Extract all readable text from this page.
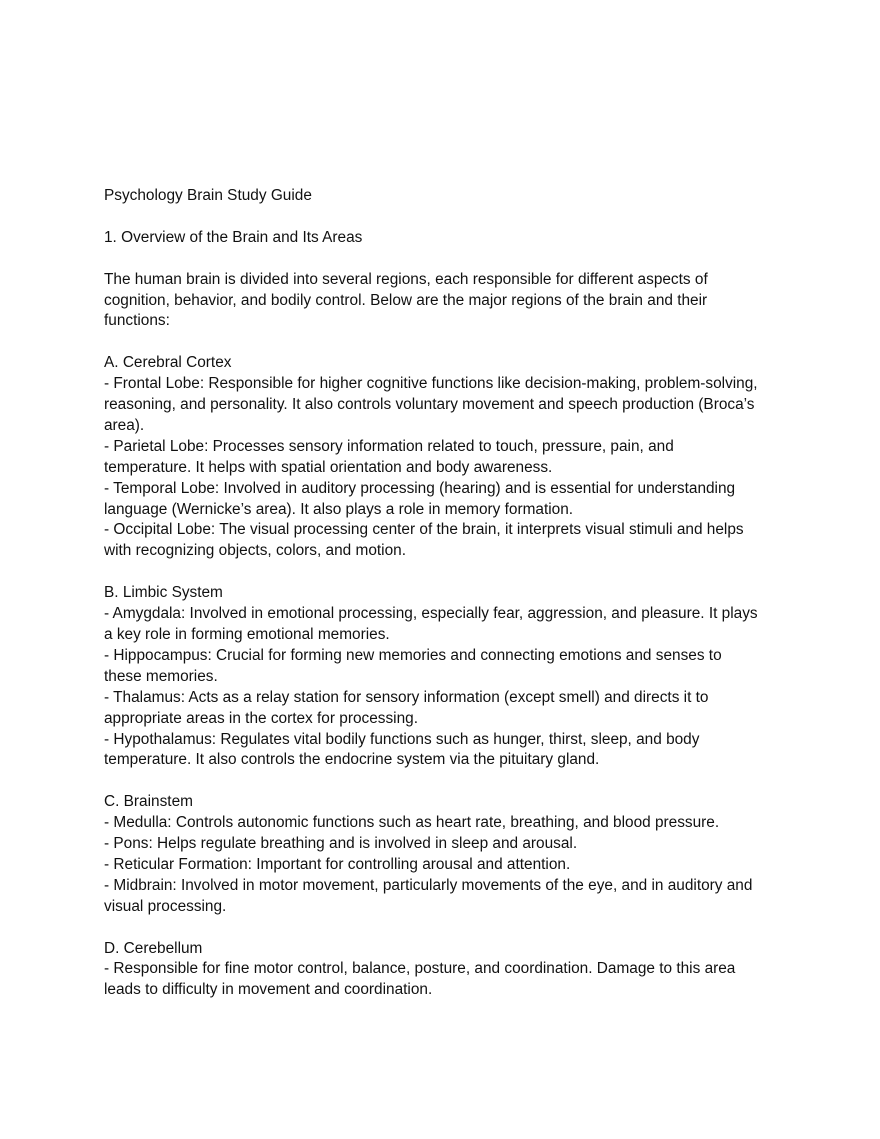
Psychology Brain Study Guide
1. Overview of the Brain and Its Areas
The human brain is divided into several regions, each responsible for different aspects of
cognition, behavior, and bodily control. Below are the major regions of the brain and their
functions:
A. Cerebral Cortex
- Frontal Lobe: Responsible for higher cognitive functions like decision-making, problem-solving,
reasoning, and personality. It also controls voluntary movement and speech production (Broca’s
area).
- Parietal Lobe: Processes sensory information related to touch, pressure, pain, and
temperature. It helps with spatial orientation and body awareness.
- Temporal Lobe: Involved in auditory processing (hearing) and is essential for understanding
language (Wernicke’s area). It also plays a role in memory formation.
- Occipital Lobe: The visual processing center of the brain, it interprets visual stimuli and helps
with recognizing objects, colors, and motion.
B. Limbic System
- Amygdala: Involved in emotional processing, especially fear, aggression, and pleasure. It plays
a key role in forming emotional memories.
- Hippocampus: Crucial for forming new memories and connecting emotions and senses to
these memories.
- Thalamus: Acts as a relay station for sensory information (except smell) and directs it to
appropriate areas in the cortex for processing.
- Hypothalamus: Regulates vital bodily functions such as hunger, thirst, sleep, and body
temperature. It also controls the endocrine system via the pituitary gland.
C. Brainstem
- Medulla: Controls autonomic functions such as heart rate, breathing, and blood pressure.
- Pons: Helps regulate breathing and is involved in sleep and arousal.
- Reticular Formation: Important for controlling arousal and attention.
- Midbrain: Involved in motor movement, particularly movements of the eye, and in auditory and
visual processing.
D. Cerebellum
- Responsible for fine motor control, balance, posture, and coordination. Damage to this area
leads to difficulty in movement and coordination.
